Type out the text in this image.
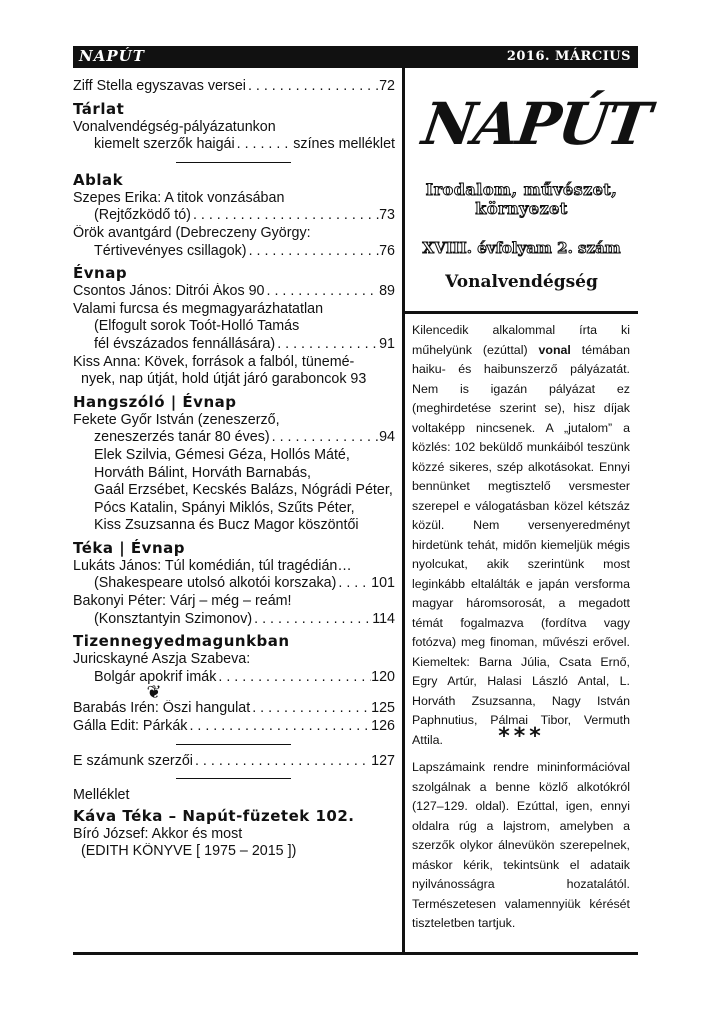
NAPÚT	2016. MÁRCIUS
Ziff Stella egyszavas versei . . .	72
Tárlat
Vonalvendégség-pályázatunkon
kiemelt szerzők haigái . . .	színes melléklet
Ablak
Szepes Erika: A titok vonzásában
(Rejtőzködő tó) . . .	73
Örök avantgárd (Debreczeny György:
Tértivevényes csillagok) . . .	76
Évnap
Csontos János: Ditrói Ákos 90 . . .	89
Valami furcsa és megmagyarázhatatlan
(Elfogult sorok Toót-Holló Tamás
fél évszázados fennállására) . . .	91
Kiss Anna: Kövek, források a falból, tünemé-
nyek, nap útját, hold útját járó garaboncok 93
Hangszóló | Évnap
Fekete Győr István (zeneszerző,
zeneszerzés tanár 80 éves) . . .	94
Elek Szilvia, Gémesi Géza, Hollós Máté,
Horváth Bálint, Horváth Barnabás,
Gaál Erzsébet, Kecskés Balázs, Nógrádi Péter,
Pócs Katalin, Spányi Miklós, Szűts Péter,
Kiss Zsuzsanna és Bucz Magor köszöntői
Téka | Évnap
Lukáts János: Túl komédián, túl tragédián…
(Shakespeare utolsó alkotói korszaka) . . . 101
Bakonyi Péter: Várj – még – reám!
(Konsztantyin Szimonov) . . .	114
Tizennegyedmagunkban
Juricskayné Aszja Szabeva:
Bolgár apokrif imák . . .	120
❦
Barabás Irén: Őszi hangulat . . .	125
Gálla Edit: Párkák . . .	126
E számunk szerzői . . .	127
Melléklet
Káva Téka – Napút-füzetek 102.
Bíró József: Akkor és most
(EDITH KÖNYVE [ 1975 – 2015 ])
NAPÚT
Irodalom, művészet,
környezet
XVIII. évfolyam 2. szám
Vonalvendégség
Kilencedik alkalommal írta ki műhelyünk (ezúttal) vonal témában haiku- és haibunszerző pályázatát. Nem is igazán pályázat ez (meghirdetése szerint se), hisz díjak voltaképp nincsenek. A „jutalom” a közlés: 102 beküldő munkáiból teszünk közzé sikeres, szép alkotásokat. Ennyi bennünket megtisztelő versmester szerepel e válogatásban közel kétszáz közül. Nem versenyeredményt hirdetünk tehát, midőn kiemeljük mégis nyolcukat, akik szerintünk most leginkább eltalálták e japán versforma magyar háromsorosát, a megadott témát fogalmazva (fordítva vagy fotózva) meg finoman, művészi erővel. Kiemeltek: Barna Júlia, Csata Ernő, Egry Artúr, Halasi László Antal, L. Horváth Zsuzsanna, Nagy István Paphnutius, Pálmai Tibor, Vermuth Attila.	***
Lapszámaink rendre mininformációval szolgálnak a benne közlő alkotókról (127–129. oldal). Ezúttal, igen, ennyi oldalra rúg a lajstrom, amelyben a szerzők olykor álnevükön szerepelnek, máskor kérik, tekintsünk el adataik nyilvánosságra hozatalától. Természetesen valamennyiük kérését tiszteletben tartjuk.
